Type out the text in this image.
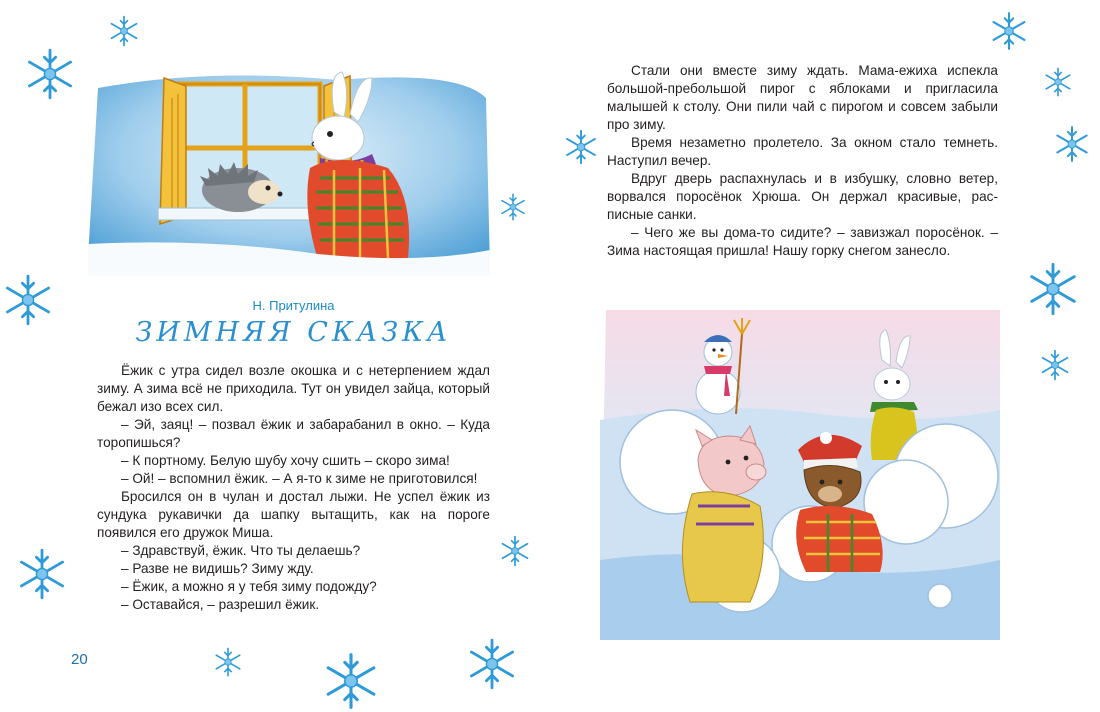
Н. Притулина
ЗИМНЯЯ СКАЗКА

Ёжик с утра сидел возле окошка и с нетерпением ждал зиму. А зима всё не приходила. Тут он увидел зайца, который бежал изо всех сил.

– Эй, заяц! – позвал ёжик и забарабанил в окно. – Куда торопишься?

– К портному. Белую шубу хочу сшить – скоро зима!

– Ой! – вспомнил ёжик. – А я-то к зиме не приготовился!

Бросился он в чулан и достал лыжи. Не успел ёжик из сундука рукавички да шапку вытащить, как на пороге появился его дружок Миша.

– Здравствуй, ёжик. Что ты делаешь?

– Разве не видишь? Зиму жду.

– Ёжик, а можно я у тебя зиму подожду?

– Оставайся, – разрешил ёжик.

20

Стали они вместе зиму ждать. Мама-ежиха испекла большой-пребольшой пирог с яблоками и пригласила малышей к столу. Они пили чай с пирогом и совсем забыли про зиму.

Время незаметно пролетело. За окном стало темнеть. Наступил вечер.

Вдруг дверь распахнулась и в избушку, словно ветер, ворвался поросёнок Хрюша. Он держал красивые, расписные санки.

– Чего же вы дома-то сидите? – завизжал поросёнок. – Зима настоящая пришла! Нашу горку снегом занесло.
